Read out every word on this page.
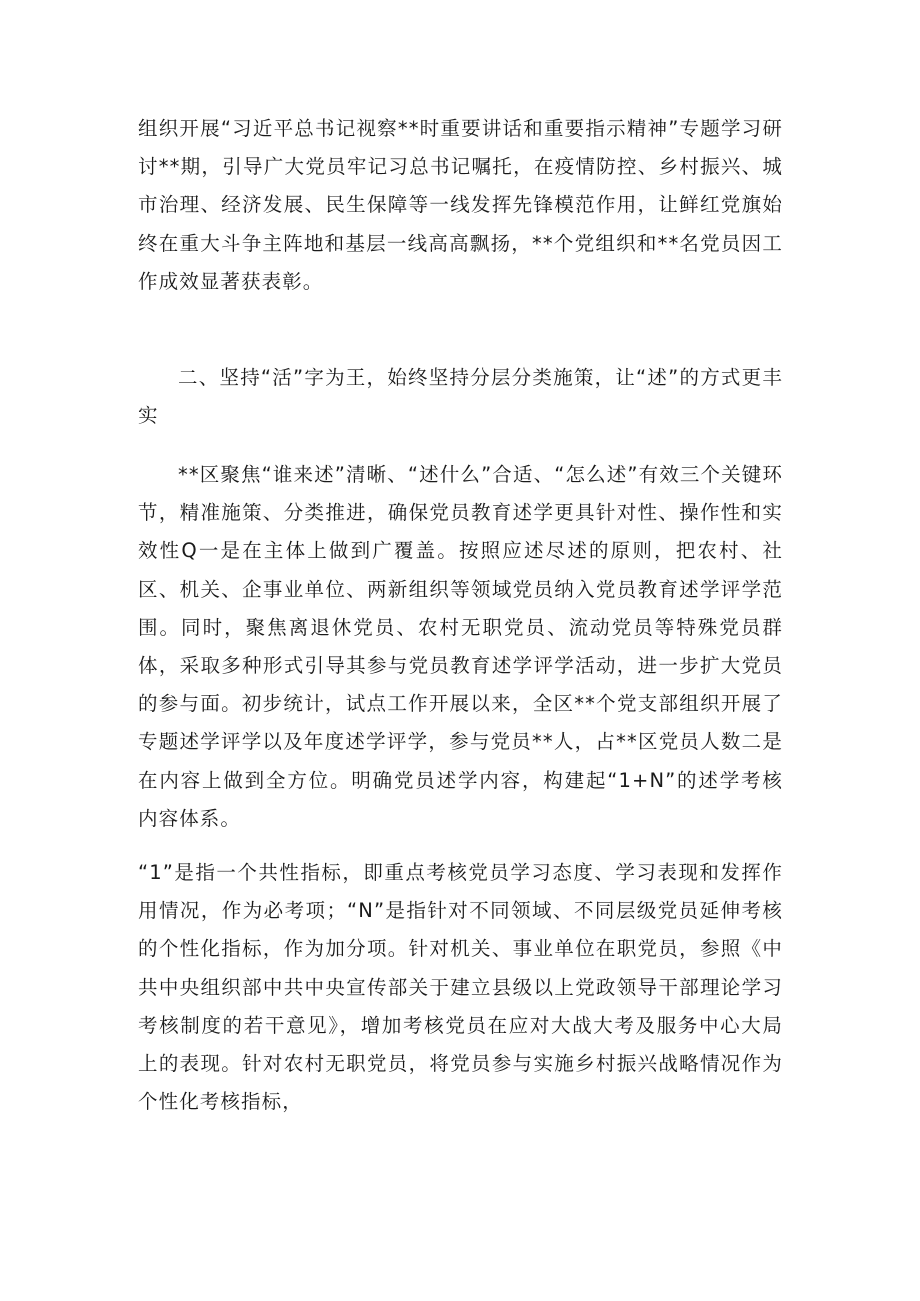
组织开展“习近平总书记视察**时重要讲话和重要指示精神”专题学习研讨**期，引导广大党员牢记习总书记嘱托，在疫情防控、乡村振兴、城市治理、经济发展、民生保障等一线发挥先锋模范作用，让鲜红党旗始终在重大斗争主阵地和基层一线高高飘扬，**个党组织和**名党员因工作成效显著获表彰。

二、坚持“活”字为王，始终坚持分层分类施策，让“述”的方式更丰实

**区聚焦“谁来述”清晰、“述什么”合适、“怎么述”有效三个关键环节，精准施策、分类推进，确保党员教育述学更具针对性、操作性和实效性Q一是在主体上做到广覆盖。按照应述尽述的原则，把农村、社区、机关、企事业单位、两新组织等领域党员纳入党员教育述学评学范围。同时，聚焦离退休党员、农村无职党员、流动党员等特殊党员群体，采取多种形式引导其参与党员教育述学评学活动，进一步扩大党员的参与面。初步统计，试点工作开展以来，全区**个党支部组织开展了专题述学评学以及年度述学评学，参与党员**人，占**区党员人数二是在内容上做到全方位。明确党员述学内容，构建起“1+N”的述学考核内容体系。

“1”是指一个共性指标，即重点考核党员学习态度、学习表现和发挥作用情况，作为必考项；“N”是指针对不同领域、不同层级党员延伸考核的个性化指标，作为加分项。针对机关、事业单位在职党员，参照《中共中央组织部中共中央宣传部关于建立县级以上党政领导干部理论学习考核制度的若干意见》，增加考核党员在应对大战大考及服务中心大局上的表现。针对农村无职党员，将党员参与实施乡村振兴战略情况作为个性化考核指标，
